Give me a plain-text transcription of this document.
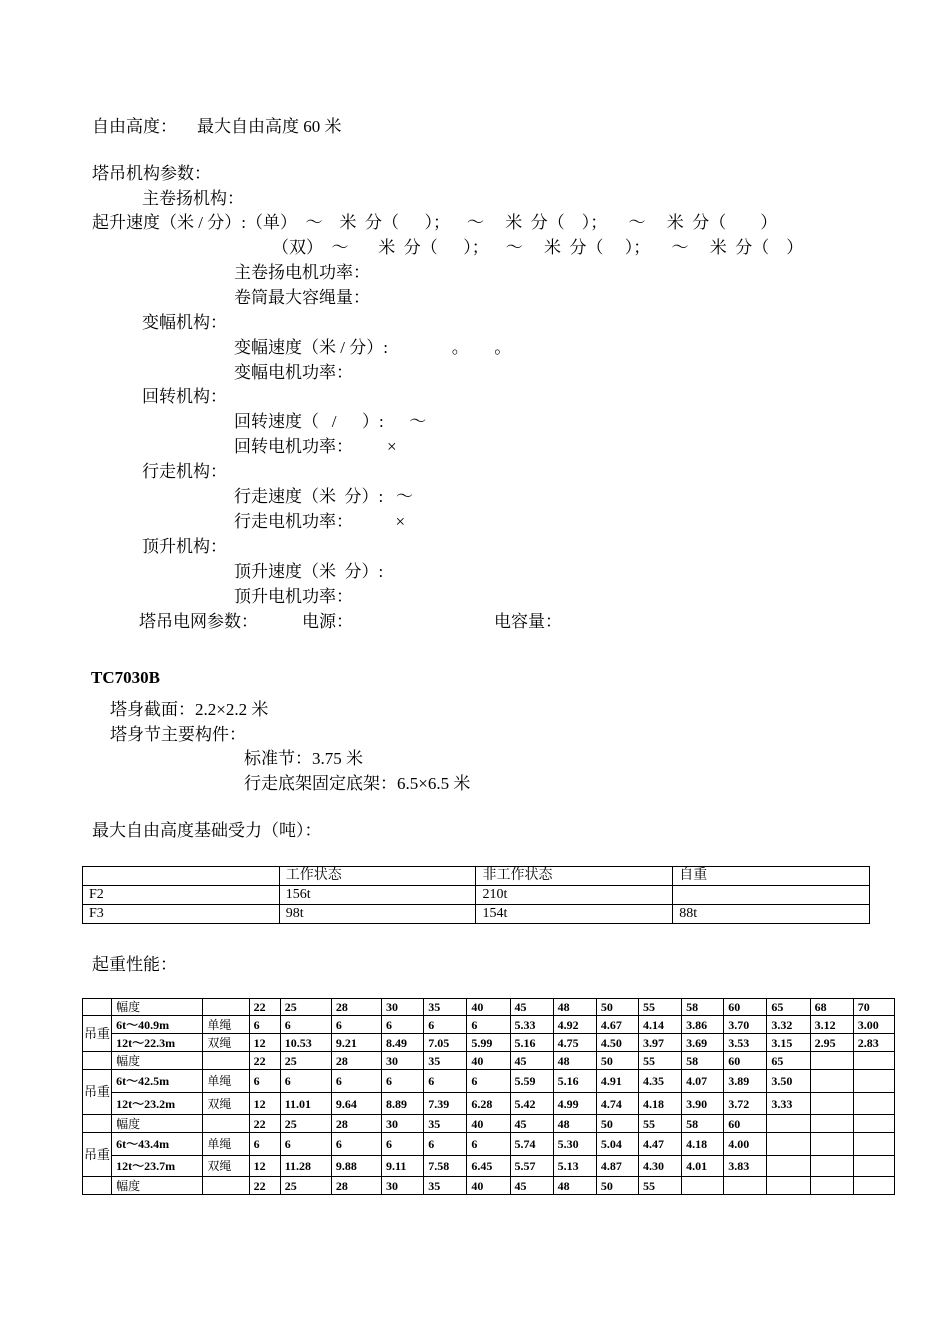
自由高度： 最大自由高度 60 米
塔吊机构参数：
主卷扬机构：
起升速度（米 / 分）:（单）  ～    米  分（      ）；    ～     米  分（    ）；     ～     米  分（        ）
（双）  ～       米  分（      ）；    ～     米  分（     ）；     ～     米  分（    ）
主卷扬电机功率：
卷筒最大容绳量：
变幅机构：
变幅速度（米 / 分）:               。      。
变幅电机功率：
回转机构：
回转速度（   /      ）:      ～
回转电机功率：        ×
行走机构：
行走速度（米  分）:   ～
行走电机功率：          ×
顶升机构：
顶升速度（米  分）:
顶升电机功率：
塔吊电网参数：	电源：	电容量：
TC7030B
塔身截面：2.2×2.2 米
塔身节主要构件：
标准节：3.75 米
行走底架固定底架：6.5×6.5 米
最大自由高度基础受力（吨）：
	工作状态	非工作状态	自重
F2	156t	210t	
F3	98t	154t	88t
起重性能：
	幅度		22	25	28	30	35	40	45	48	50	55	58	60	65	68	70
吊重	6t～40.9m	单绳	6	6	6	6	6	6	5.33	4.92	4.67	4.14	3.86	3.70	3.32	3.12	3.00
	12t～22.3m	双绳	12	10.53	9.21	8.49	7.05	5.99	5.16	4.75	4.50	3.97	3.69	3.53	3.15	2.95	2.83
	幅度		22	25	28	30	35	40	45	48	50	55	58	60	65		
吊重	6t～42.5m	单绳	6	6	6	6	6	6	5.59	5.16	4.91	4.35	4.07	3.89	3.50		
	12t～23.2m	双绳	12	11.01	9.64	8.89	7.39	6.28	5.42	4.99	4.74	4.18	3.90	3.72	3.33		
	幅度		22	25	28	30	35	40	45	48	50	55	58	60			
吊重	6t～43.4m	单绳	6	6	6	6	6	6	5.74	5.30	5.04	4.47	4.18	4.00			
	12t～23.7m	双绳	12	11.28	9.88	9.11	7.58	6.45	5.57	5.13	4.87	4.30	4.01	3.83			
	幅度		22	25	28	30	35	40	45	48	50	55					
